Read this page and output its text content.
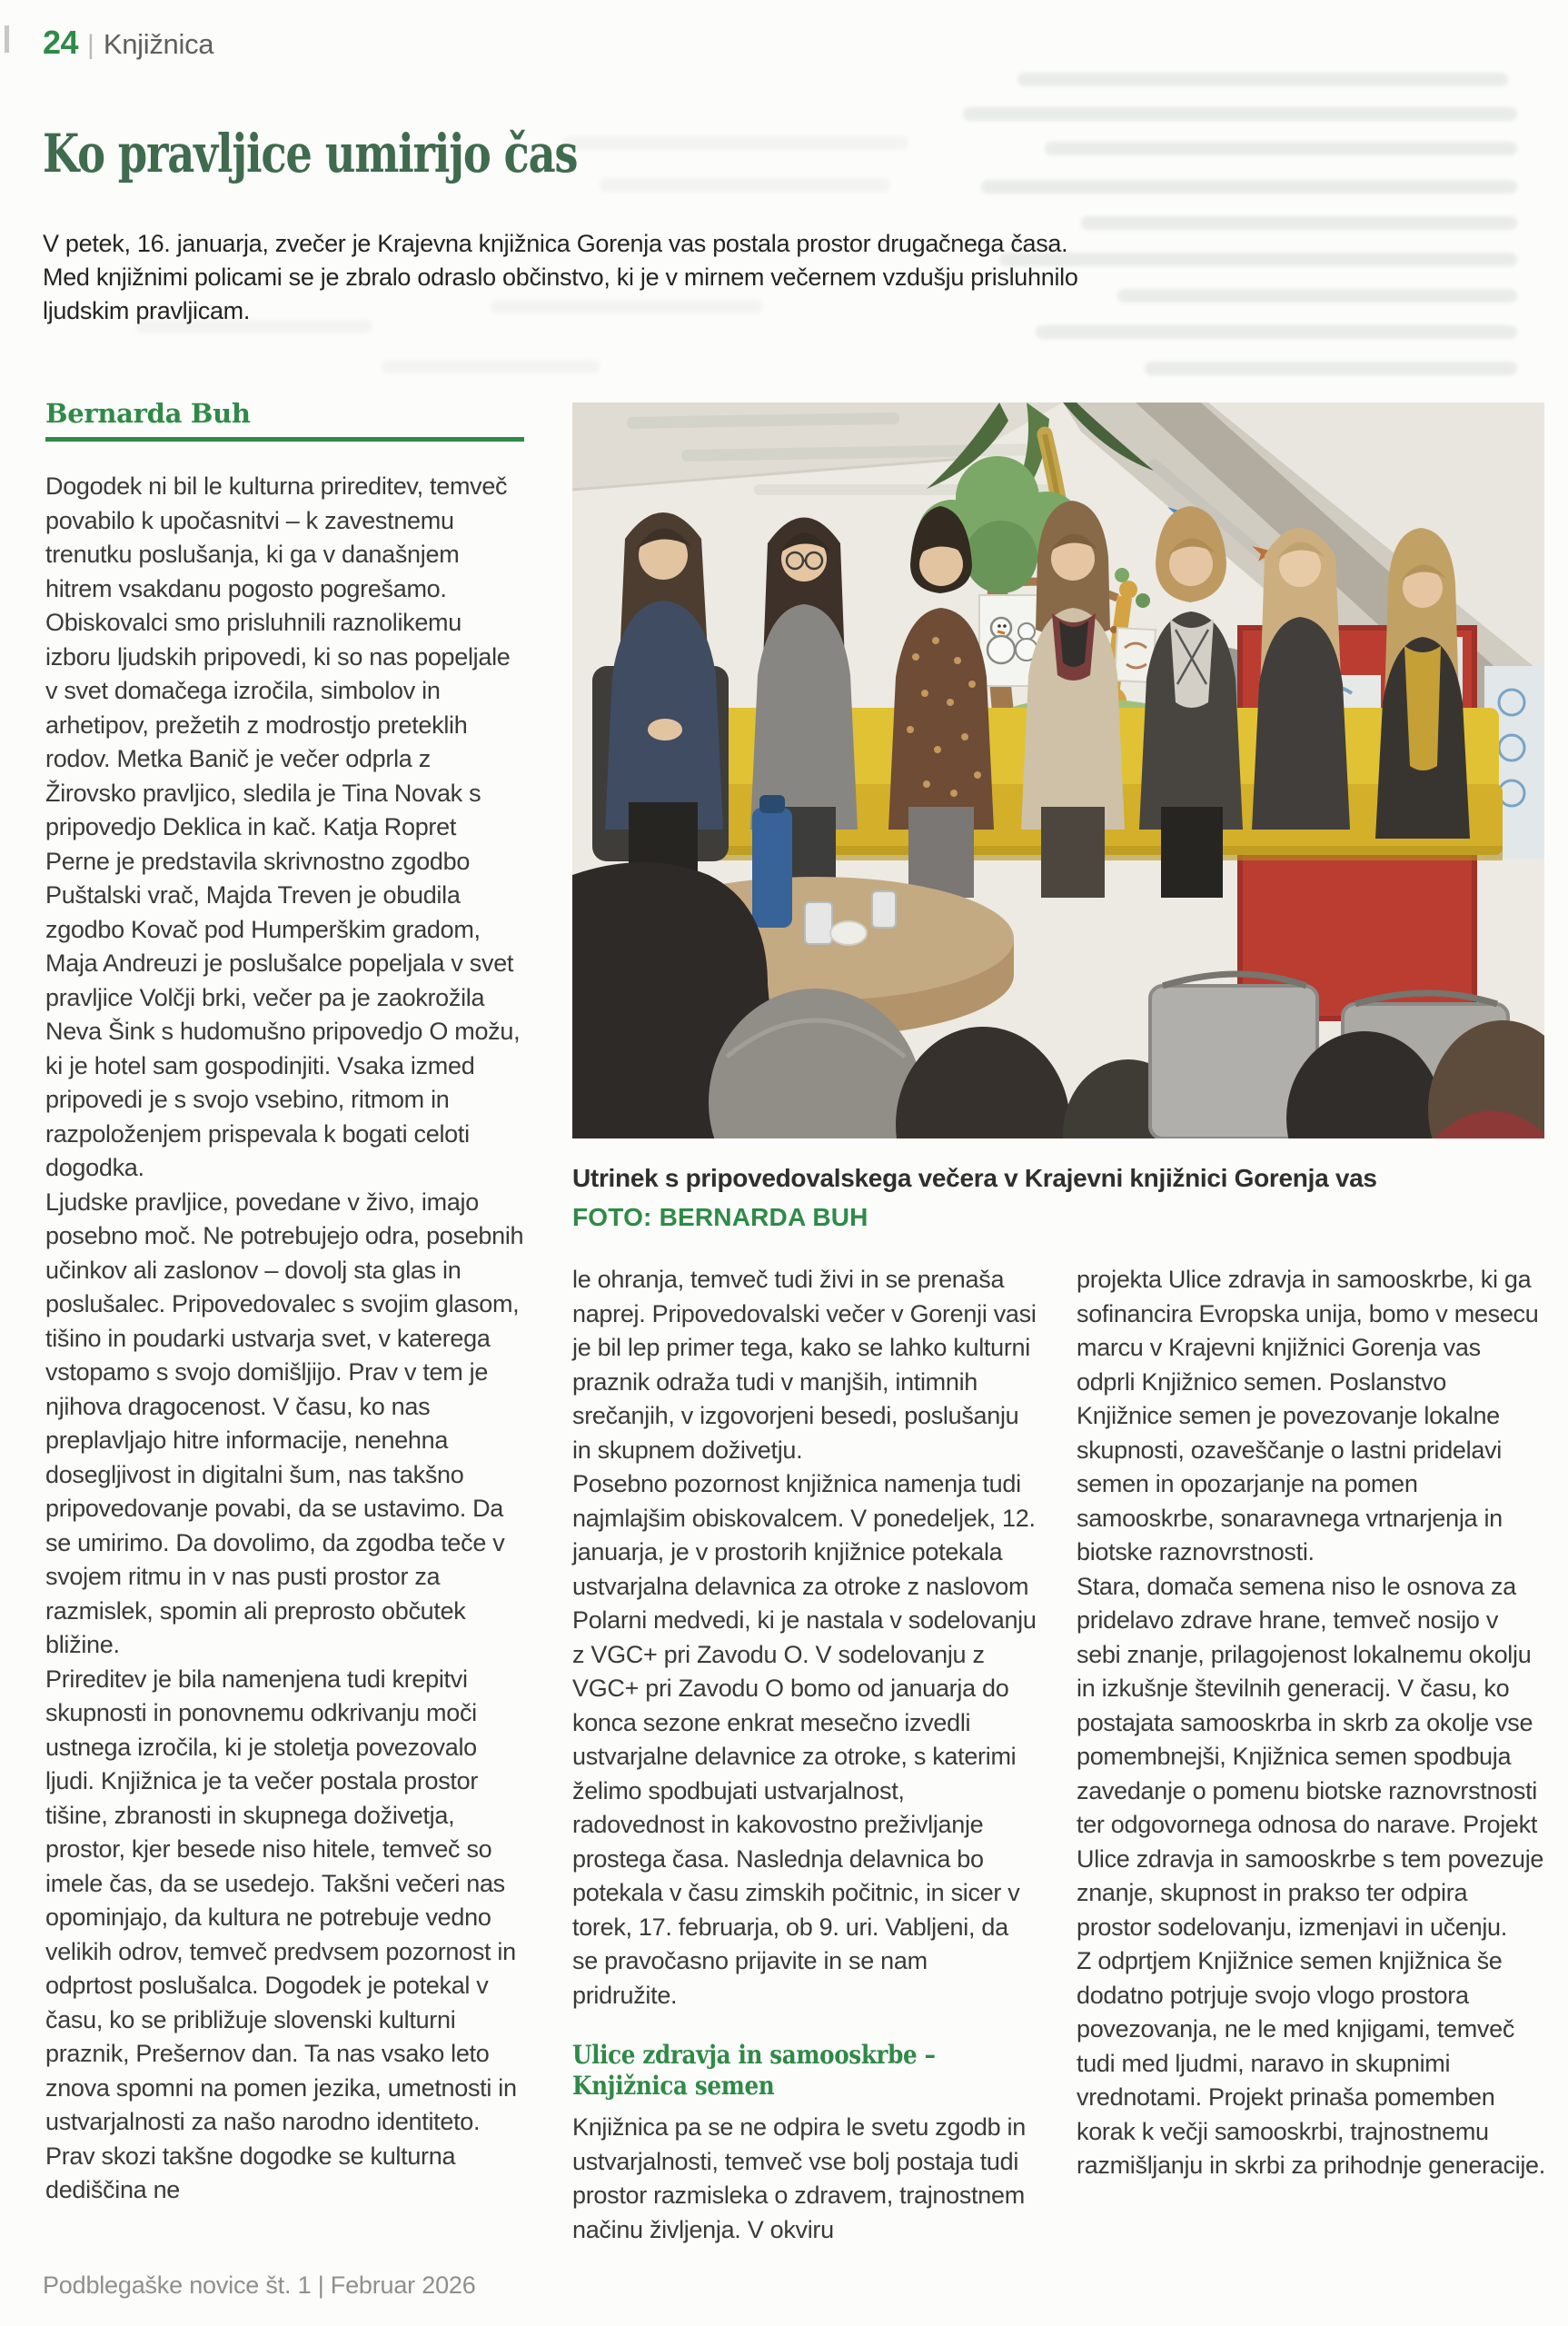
24 | Knjižnica
Ko pravljice umirijo čas

V petek, 16. januarja, zvečer je Krajevna knjižnica Gorenja vas postala prostor drugačnega časa. Med knjižnimi policami se je zbralo odraslo občinstvo, ki je v mirnem večernem vzdušju prisluhnilo ljudskim pravljicam.

Bernarda Buh

Dogodek ni bil le kulturna prireditev, temveč povabilo k upočasnitvi – k zavestnemu trenutku poslušanja, ki ga v današnjem hitrem vsakdanu pogosto pogrešamo.

Obiskovalci smo prisluhnili raznolikemu izboru ljudskih pripovedi, ki so nas popeljale v svet domačega izročila, simbolov in arhetipov, prežetih z modrostjo preteklih rodov. Metka Banič je večer odprla z Žirovsko pravljico, sledila je Tina Novak s pripovedjo Deklica in kač. Katja Ropret Perne je predstavila skrivnostno zgodbo Puštalski vrač, Majda Treven je obudila zgodbo Kovač pod Humperškim gradom, Maja Andreuzi je poslušalce popeljala v svet pravljice Volčji brki, večer pa je zaokrožila Neva Šink s hudomušno pripovedjo O možu, ki je hotel sam gospodinjiti. Vsaka izmed pripovedi je s svojo vsebino, ritmom in razpoloženjem prispevala k bogati celoti dogodka.

Ljudske pravljice, povedane v živo, imajo posebno moč. Ne potrebujejo odra, posebnih učinkov ali zaslonov – dovolj sta glas in poslušalec. Pripovedovalec s svojim glasom, tišino in poudarki ustvarja svet, v katerega vstopamo s svojo domišljijo. Prav v tem je njihova dragocenost. V času, ko nas preplavljajo hitre informacije, nenehna dosegljivost in digitalni šum, nas takšno pripovedovanje povabi, da se ustavimo. Da se umirimo. Da dovolimo, da zgodba teče v svojem ritmu in v nas pusti prostor za razmislek, spomin ali preprosto občutek bližine.

Prireditev je bila namenjena tudi krepitvi skupnosti in ponovnemu odkrivanju moči ustnega izročila, ki je stoletja povezovalo ljudi. Knjižnica je ta večer postala prostor tišine, zbranosti in skupnega doživetja, prostor, kjer besede niso hitele, temveč so imele čas, da se usedejo. Takšni večeri nas opominjajo, da kultura ne potrebuje vedno velikih odrov, temveč predvsem pozornost in odprtost poslušalca. Dogodek je potekal v času, ko se približuje slovenski kulturni praznik, Prešernov dan. Ta nas vsako leto znova spomni na pomen jezika, umetnosti in ustvarjalnosti za našo narodno identiteto. Prav skozi takšne dogodke se kulturna dediščina ne

Utrinek s pripovedovalskega večera v Krajevni knjižnici Gorenja vas
FOTO: BERNARDA BUH

le ohranja, temveč tudi živi in se prenaša naprej. Pripovedovalski večer v Gorenji vasi je bil lep primer tega, kako se lahko kulturni praznik odraža tudi v manjših, intimnih srečanjih, v izgovorjeni besedi, poslušanju in skupnem doživetju.

Posebno pozornost knjižnica namenja tudi najmlajšim obiskovalcem. V ponedeljek, 12. januarja, je v prostorih knjižnice potekala ustvarjalna delavnica za otroke z naslovom Polarni medvedi, ki je nastala v sodelovanju z VGC+ pri Zavodu O. V sodelovanju z VGC+ pri Zavodu O bomo od januarja do konca sezone enkrat mesečno izvedli ustvarjalne delavnice za otroke, s katerimi želimo spodbujati ustvarjalnost, radovednost in kakovostno preživljanje prostega časa. Naslednja delavnica bo potekala v času zimskih počitnic, in sicer v torek, 17. februarja, ob 9. uri. Vabljeni, da se pravočasno prijavite in se nam pridružite.

Ulice zdravja in samooskrbe – Knjižnica semen

Knjižnica pa se ne odpira le svetu zgodb in ustvarjalnosti, temveč vse bolj postaja tudi prostor razmisleka o zdravem, trajnostnem načinu življenja. V okviru

projekta Ulice zdravja in samooskrbe, ki ga sofinancira Evropska unija, bomo v mesecu marcu v Krajevni knjižnici Gorenja vas odprli Knjižnico semen. Poslanstvo Knjižnice semen je povezovanje lokalne skupnosti, ozaveščanje o lastni pridelavi semen in opozarjanje na pomen samooskrbe, sonaravnega vrtnarjenja in biotske raznovrstnosti.

Stara, domača semena niso le osnova za pridelavo zdrave hrane, temveč nosijo v sebi znanje, prilagojenost lokalnemu okolju in izkušnje številnih generacij. V času, ko postajata samooskrba in skrb za okolje vse pomembnejši, Knjižnica semen spodbuja zavedanje o pomenu biotske raznovrstnosti ter odgovornega odnosa do narave. Projekt Ulice zdravja in samooskrbe s tem povezuje znanje, skupnost in prakso ter odpira prostor sodelovanju, izmenjavi in učenju.

Z odprtjem Knjižnice semen knjižnica še dodatno potrjuje svojo vlogo prostora povezovanja, ne le med knjigami, temveč tudi med ljudmi, naravo in skupnimi vrednotami. Projekt prinaša pomemben korak k večji samooskrbi, trajnostnemu razmišljanju in skrbi za prihodnje generacije.

Podblegaške novice št. 1 | Februar 2026
